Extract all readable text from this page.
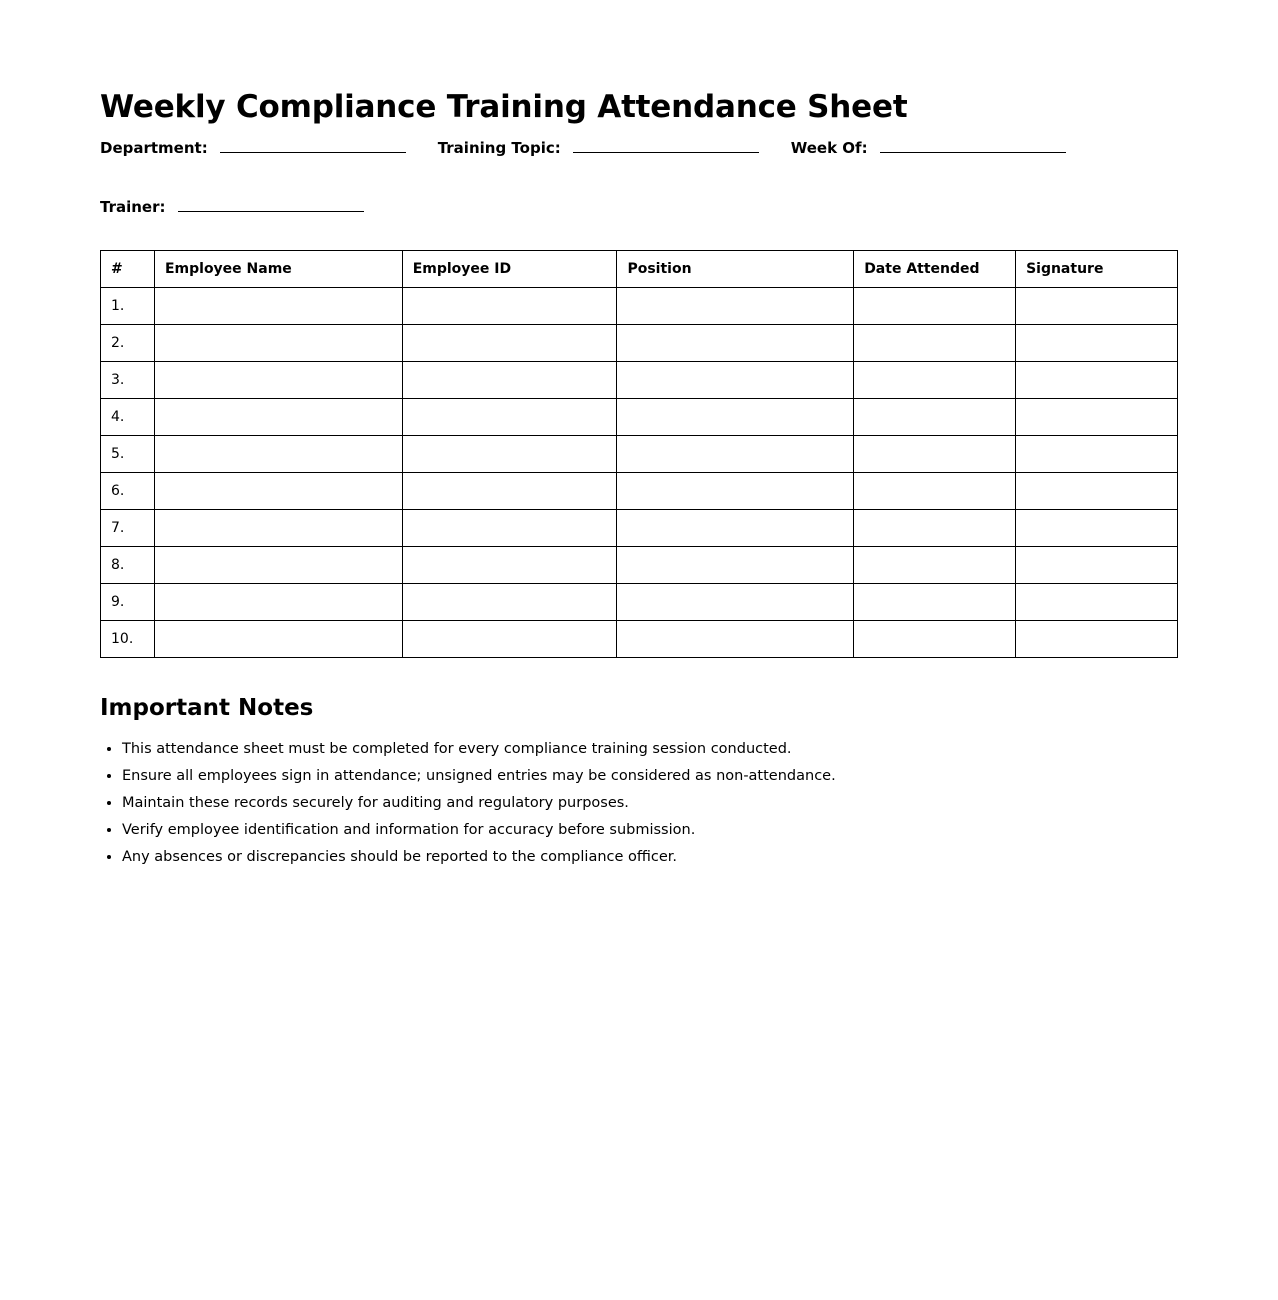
Weekly Compliance Training Attendance Sheet
Department:	Training Topic:	Week Of:
Trainer:
#	Employee Name	Employee ID	Position	Date Attended	Signature
1.					
2.					
3.					
4.					
5.					
6.					
7.					
8.					
9.					
10.					
Important Notes
• This attendance sheet must be completed for every compliance training session conducted.
• Ensure all employees sign in attendance; unsigned entries may be considered as non-attendance.
• Maintain these records securely for auditing and regulatory purposes.
• Verify employee identification and information for accuracy before submission.
• Any absences or discrepancies should be reported to the compliance officer.
